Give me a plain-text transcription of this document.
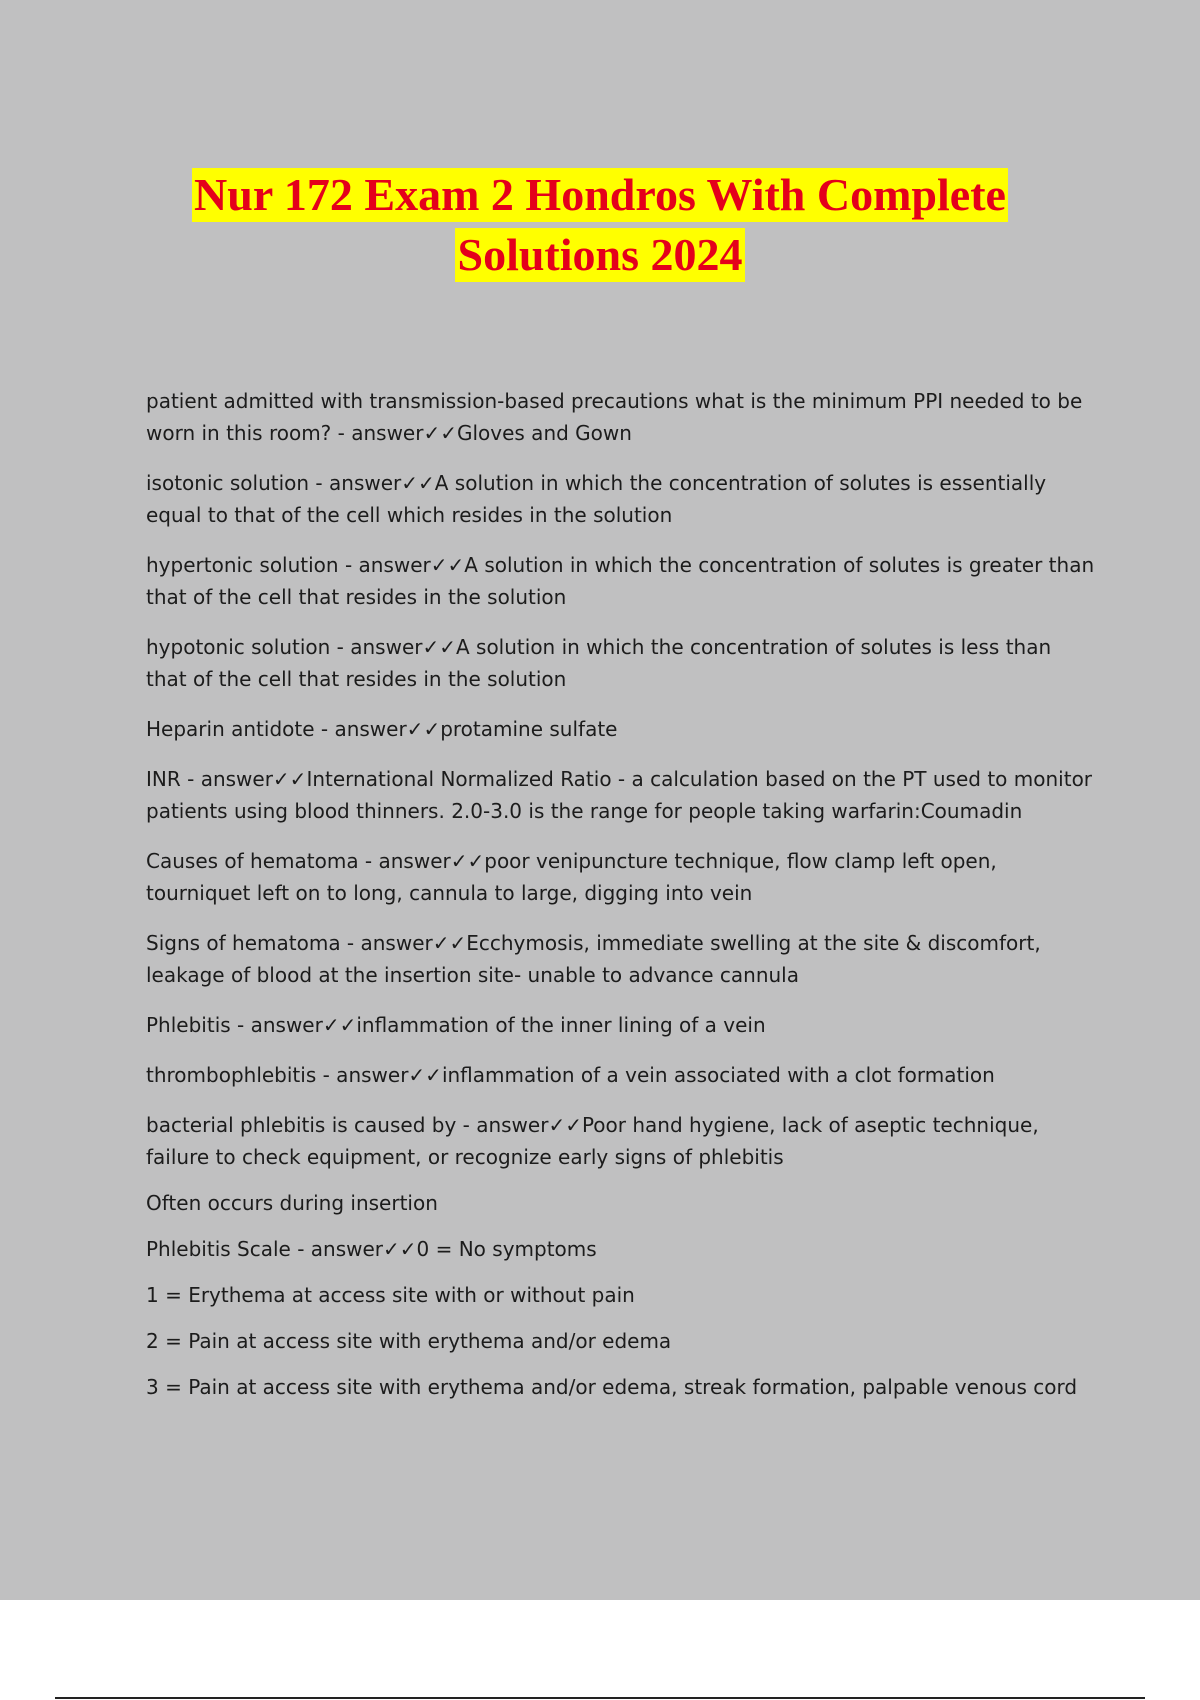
Nur 172 Exam 2 Hondros With Complete
Solutions 2024

patient admitted with transmission-based precautions what is the minimum PPI needed to be worn in this room? - answer✓✓Gloves and Gown

isotonic solution - answer✓✓A solution in which the concentration of solutes is essentially equal to that of the cell which resides in the solution

hypertonic solution - answer✓✓A solution in which the concentration of solutes is greater than that of the cell that resides in the solution

hypotonic solution - answer✓✓A solution in which the concentration of solutes is less than that of the cell that resides in the solution

Heparin antidote - answer✓✓protamine sulfate

INR - answer✓✓International Normalized Ratio - a calculation based on the PT used to monitor patients using blood thinners. 2.0-3.0 is the range for people taking warfarin:Coumadin

Causes of hematoma - answer✓✓poor venipuncture technique, flow clamp left open, tourniquet left on to long, cannula to large, digging into vein

Signs of hematoma - answer✓✓Ecchymosis, immediate swelling at the site & discomfort, leakage of blood at the insertion site- unable to advance cannula

Phlebitis - answer✓✓inflammation of the inner lining of a vein

thrombophlebitis - answer✓✓inflammation of a vein associated with a clot formation

bacterial phlebitis is caused by - answer✓✓Poor hand hygiene, lack of aseptic technique, failure to check equipment, or recognize early signs of phlebitis

Often occurs during insertion

Phlebitis Scale - answer✓✓0 = No symptoms

1 = Erythema at access site with or without pain

2 = Pain at access site with erythema and/or edema

3 = Pain at access site with erythema and/or edema, streak formation, palpable venous cord
